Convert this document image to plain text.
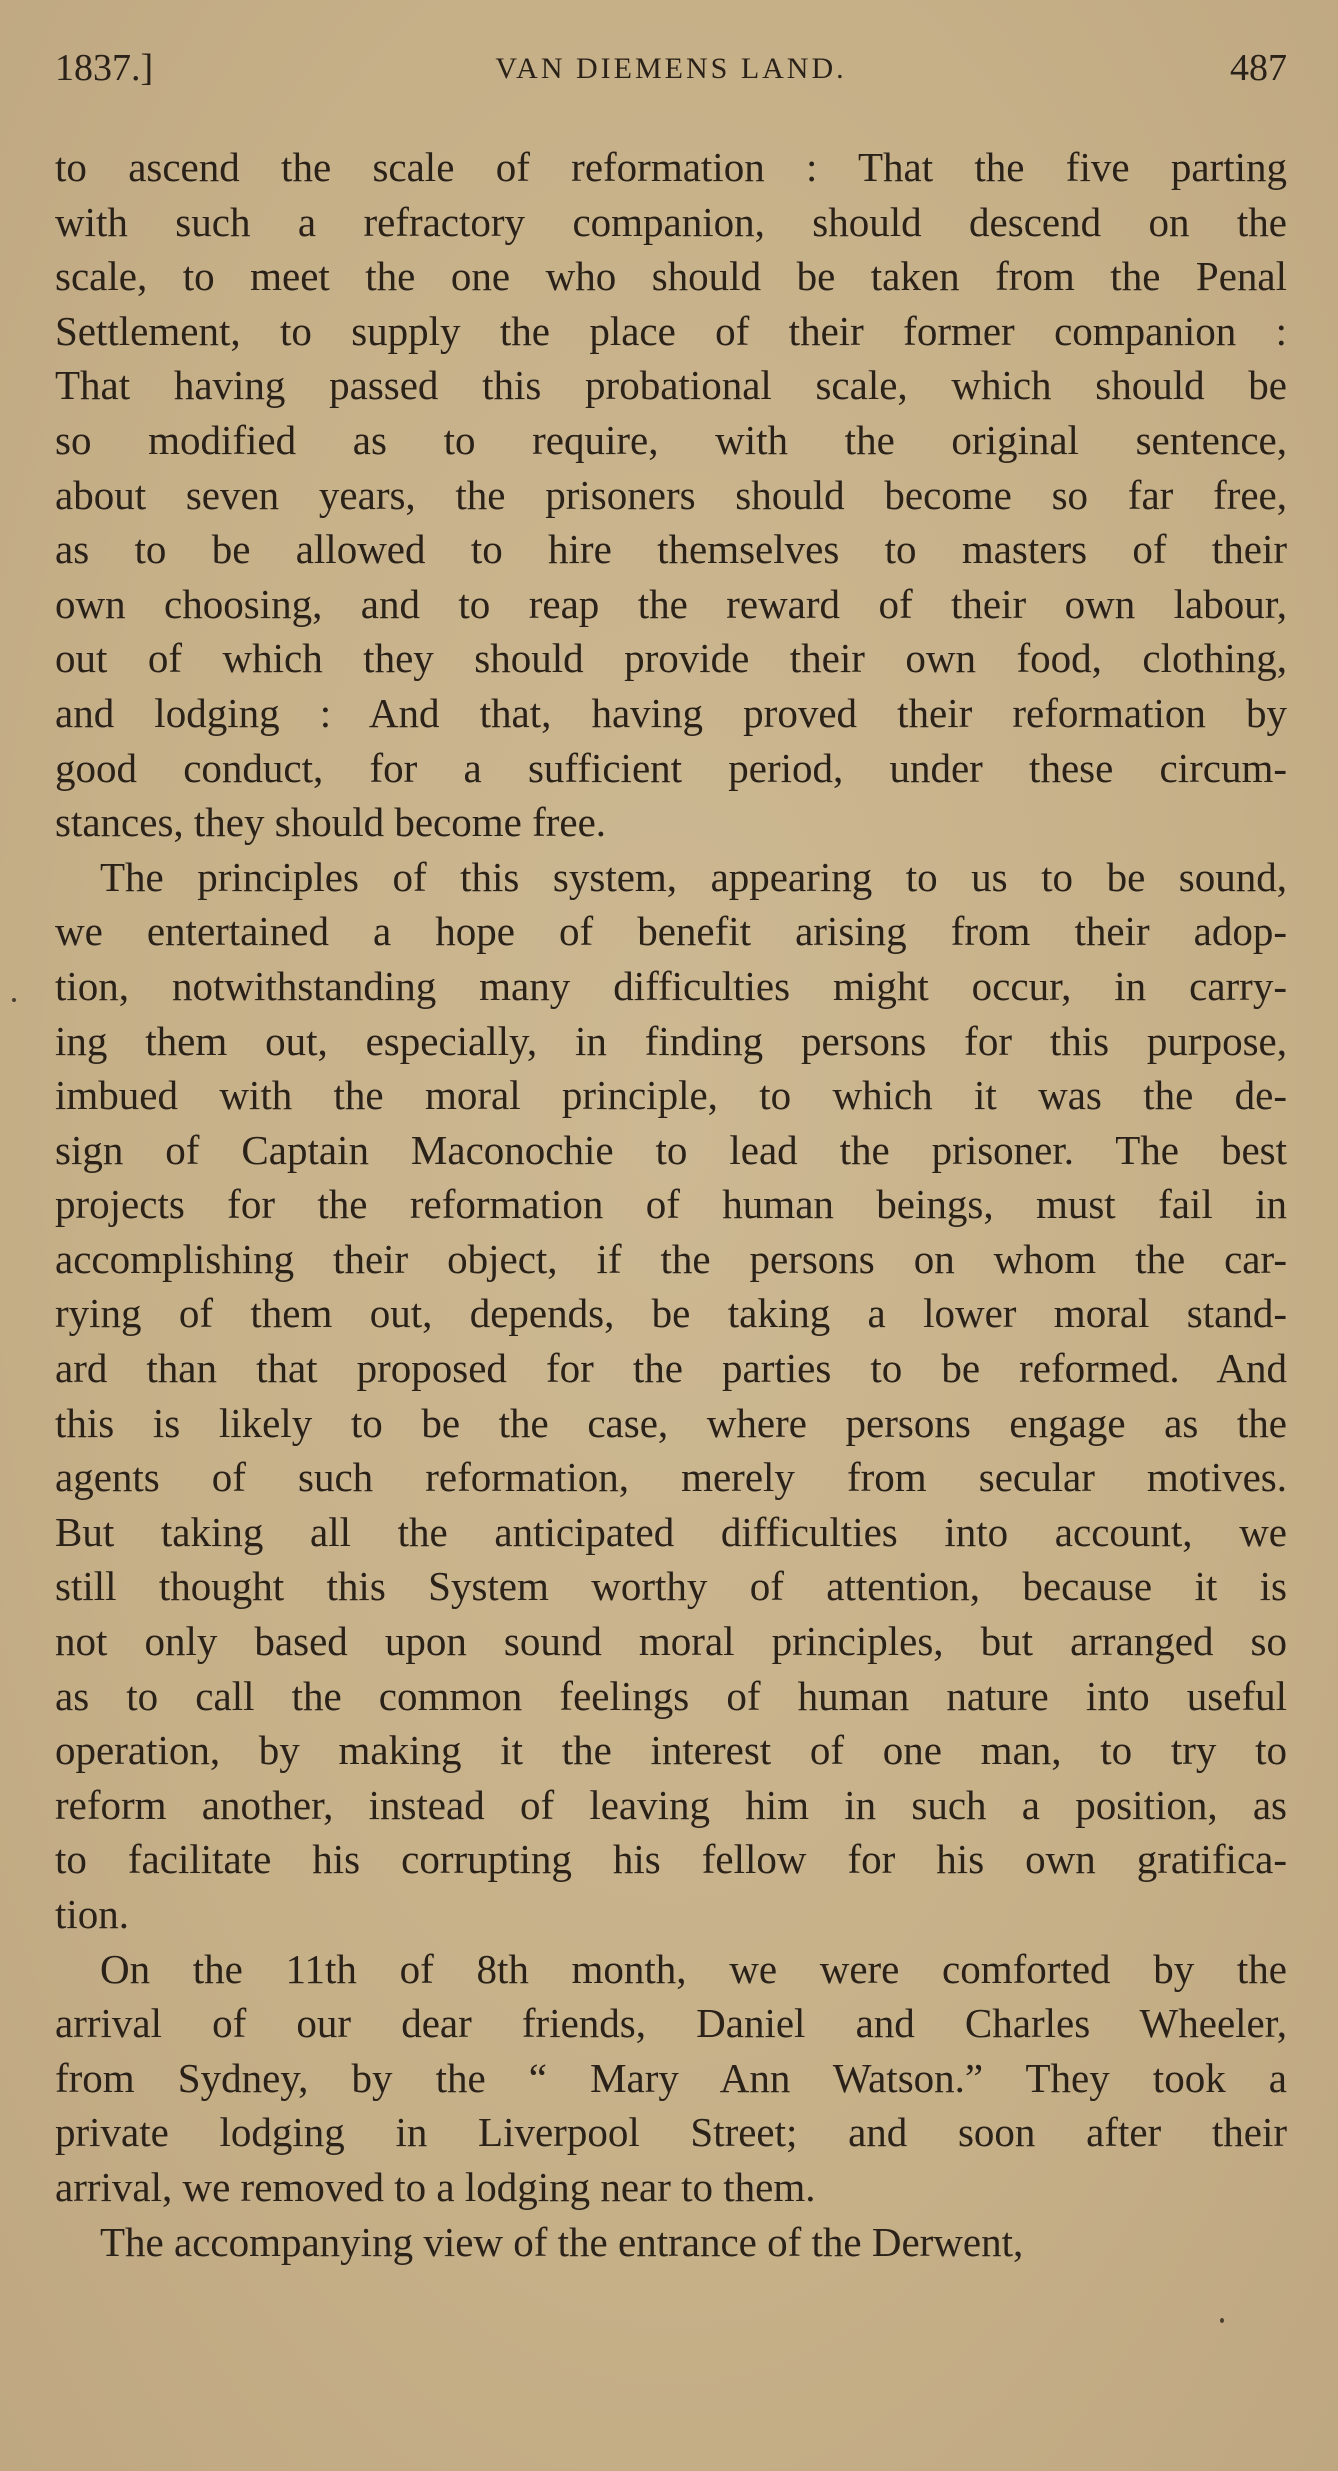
1837.]	VAN DIEMENS LAND.	487

to ascend the scale of reformation : That the five parting
with such a refractory companion, should descend on the
scale, to meet the one who should be taken from the Penal
Settlement, to supply the place of their former companion :
That having passed this probational scale, which should be
so modified as to require, with the original sentence,
about seven years, the prisoners should become so far free,
as to be allowed to hire themselves to masters of their
own choosing, and to reap the reward of their own labour,
out of which they should provide their own food, clothing,
and lodging : And that, having proved their reformation by
good conduct, for a sufficient period, under these circum-
stances, they should become free.

The principles of this system, appearing to us to be sound,
we entertained a hope of benefit arising from their adop-
tion, notwithstanding many difficulties might occur, in carry-
ing them out, especially, in finding persons for this purpose,
imbued with the moral principle, to which it was the de-
sign of Captain Maconochie to lead the prisoner. The best
projects for the reformation of human beings, must fail in
accomplishing their object, if the persons on whom the car-
rying of them out, depends, be taking a lower moral stand-
ard than that proposed for the parties to be reformed. And
this is likely to be the case, where persons engage as the
agents of such reformation, merely from secular motives.
But taking all the anticipated difficulties into account, we
still thought this System worthy of attention, because it is
not only based upon sound moral principles, but arranged so
as to call the common feelings of human nature into useful
operation, by making it the interest of one man, to try to
reform another, instead of leaving him in such a position, as
to facilitate his corrupting his fellow for his own gratifica-
tion.

On the 11th of 8th month, we were comforted by the
arrival of our dear friends, Daniel and Charles Wheeler,
from Sydney, by the “ Mary Ann Watson.” They took a
private lodging in Liverpool Street; and soon after their
arrival, we removed to a lodging near to them.

The accompanying view of the entrance of the Derwent,
